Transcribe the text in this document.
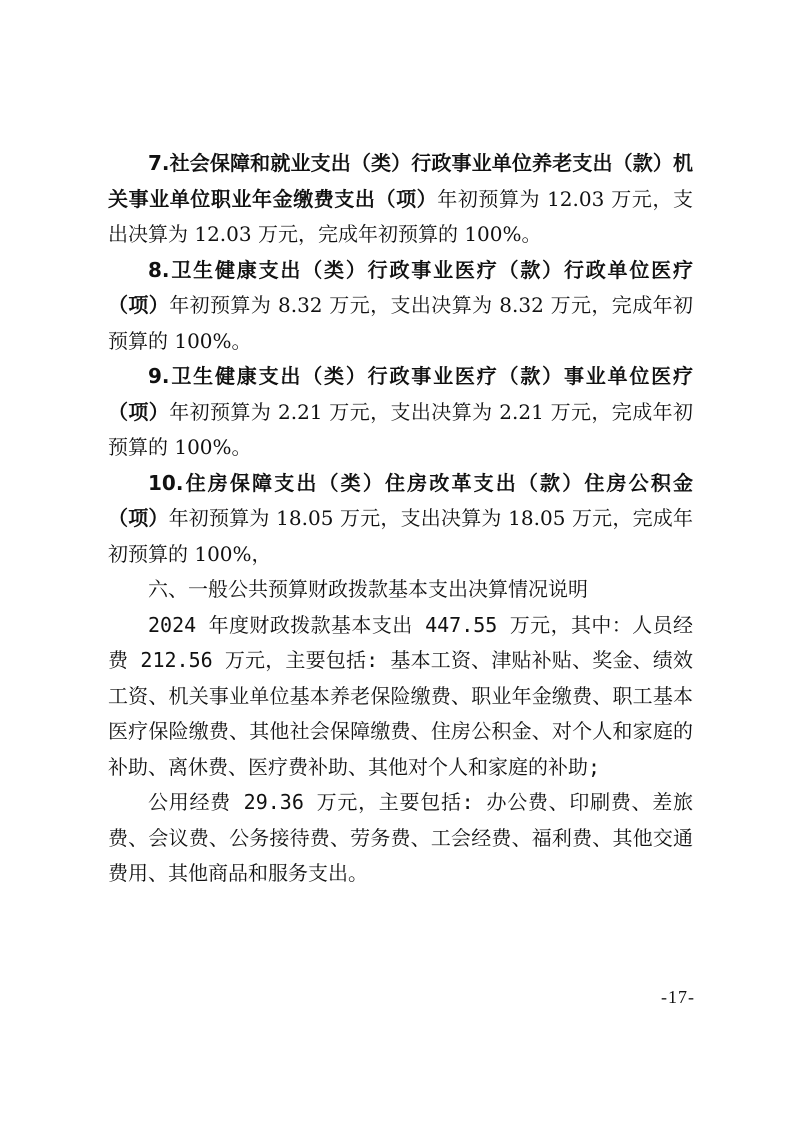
7.社会保障和就业支出（类）行政事业单位养老支出（款）机关事业单位职业年金缴费支出（项）年初预算为 12.03 万元，支出决算为 12.03 万元，完成年初预算的 100%。

8.卫生健康支出（类）行政事业医疗（款）行政单位医疗（项）年初预算为 8.32 万元，支出决算为 8.32 万元，完成年初预算的 100%。

9.卫生健康支出（类）行政事业医疗（款）事业单位医疗（项）年初预算为 2.21 万元，支出决算为 2.21 万元，完成年初预算的 100%。

10.住房保障支出（类）住房改革支出（款）住房公积金（项）年初预算为 18.05 万元，支出决算为 18.05 万元，完成年初预算的 100%，

六、一般公共预算财政拨款基本支出决算情况说明

2024 年度财政拨款基本支出 447.55 万元，其中：人员经费 212.56 万元，主要包括: 基本工资、津贴补贴、奖金、绩效工资、机关事业单位基本养老保险缴费、职业年金缴费、职工基本医疗保险缴费、其他社会保障缴费、住房公积金、对个人和家庭的补助、离休费、医疗费补助、其他对个人和家庭的补助;

公用经费 29.36 万元，主要包括: 办公费、印刷费、差旅费、会议费、公务接待费、劳务费、工会经费、福利费、其他交通费用、其他商品和服务支出。

-17-
